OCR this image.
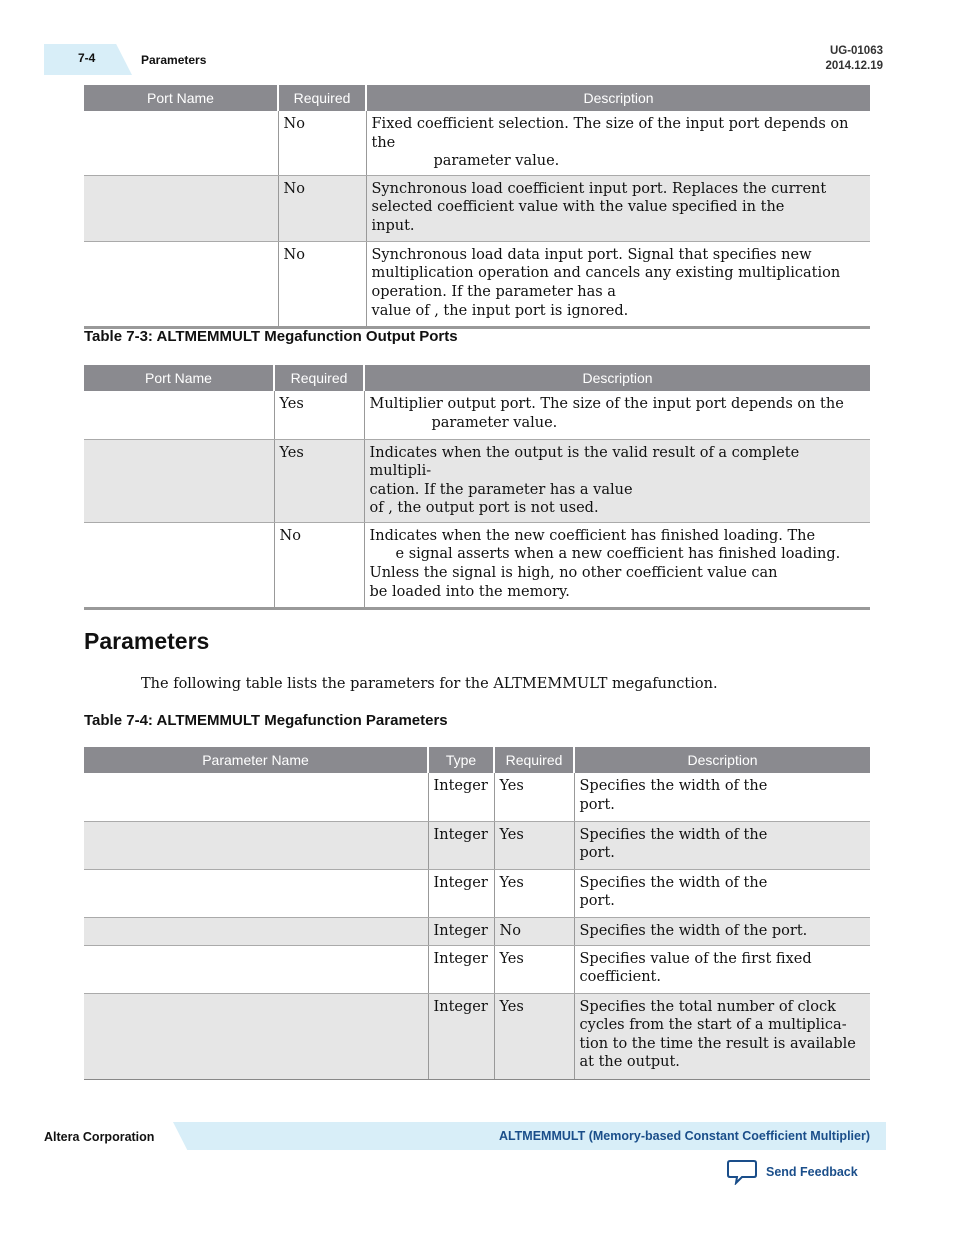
7-4	Parameters
UG-01063
2014.12.19
Port Name	Required	Description
	No	Fixed coefficient selection. The size of the input port depends on the
parameter value.

	No	Synchronous load coefficient input port. Replaces the current
selected coefficient value with the value specified in the
input.

	No	Synchronous load data input port. Signal that specifies new
multiplication operation and cancels any existing multiplication
operation. If the parameter has a
value of , the input port is ignored.
Table 7-3: ALTMEMMULT Megafunction Output Ports
Port Name	Required	Description
	Yes	Multiplier output port. The size of the input port depends on the
parameter value.

	Yes	Indicates when the output is the valid result of a complete multipli-
cation. If the parameter has a value
of , the output port is not used.

	No	Indicates when the new coefficient has finished loading. The
e signal asserts when a new coefficient has finished loading.
Unless the signal is high, no other coefficient value can
be loaded into the memory.
Parameters
The following table lists the parameters for the ALTMEMMULT megafunction.
Table 7-4: ALTMEMMULT Megafunction Parameters
Parameter Name	Type	Required	Description
	Integer	Yes	Specifies the width of the
port.

	Integer	Yes	Specifies the width of the
port.

	Integer	Yes	Specifies the width of the
port.

	Integer	No	Specifies the width of the port.

	Integer	Yes	Specifies value of the first fixed
coefficient.

	Integer	Yes	Specifies the total number of clock
cycles from the start of a multiplica-
tion to the time the result is available
at the output.
Altera Corporation	ALTMEMMULT (Memory-based Constant Coefficient Multiplier)
Send Feedback
